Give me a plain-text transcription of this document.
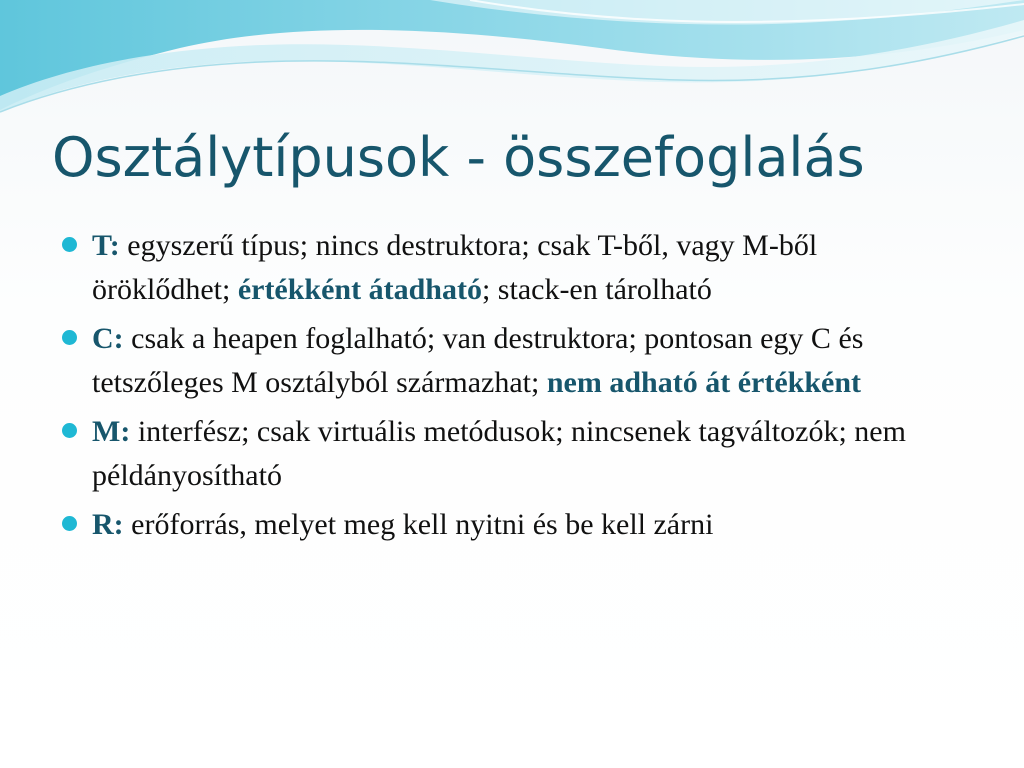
Osztálytípusok - összefoglalás
T: egyszerű típus; nincs destruktora; csak T-ből, vagy M-ből öröklődhet; értékként átadható; stack-en tárolható
C: csak a heapen foglalható; van destruktora; pontosan egy C és tetszőleges M osztályból származhat; nem adható át értékként
M: interfész; csak virtuális metódusok; nincsenek tagváltozók; nem példányosítható
R: erőforrás, melyet meg kell nyitni és be kell zárni
